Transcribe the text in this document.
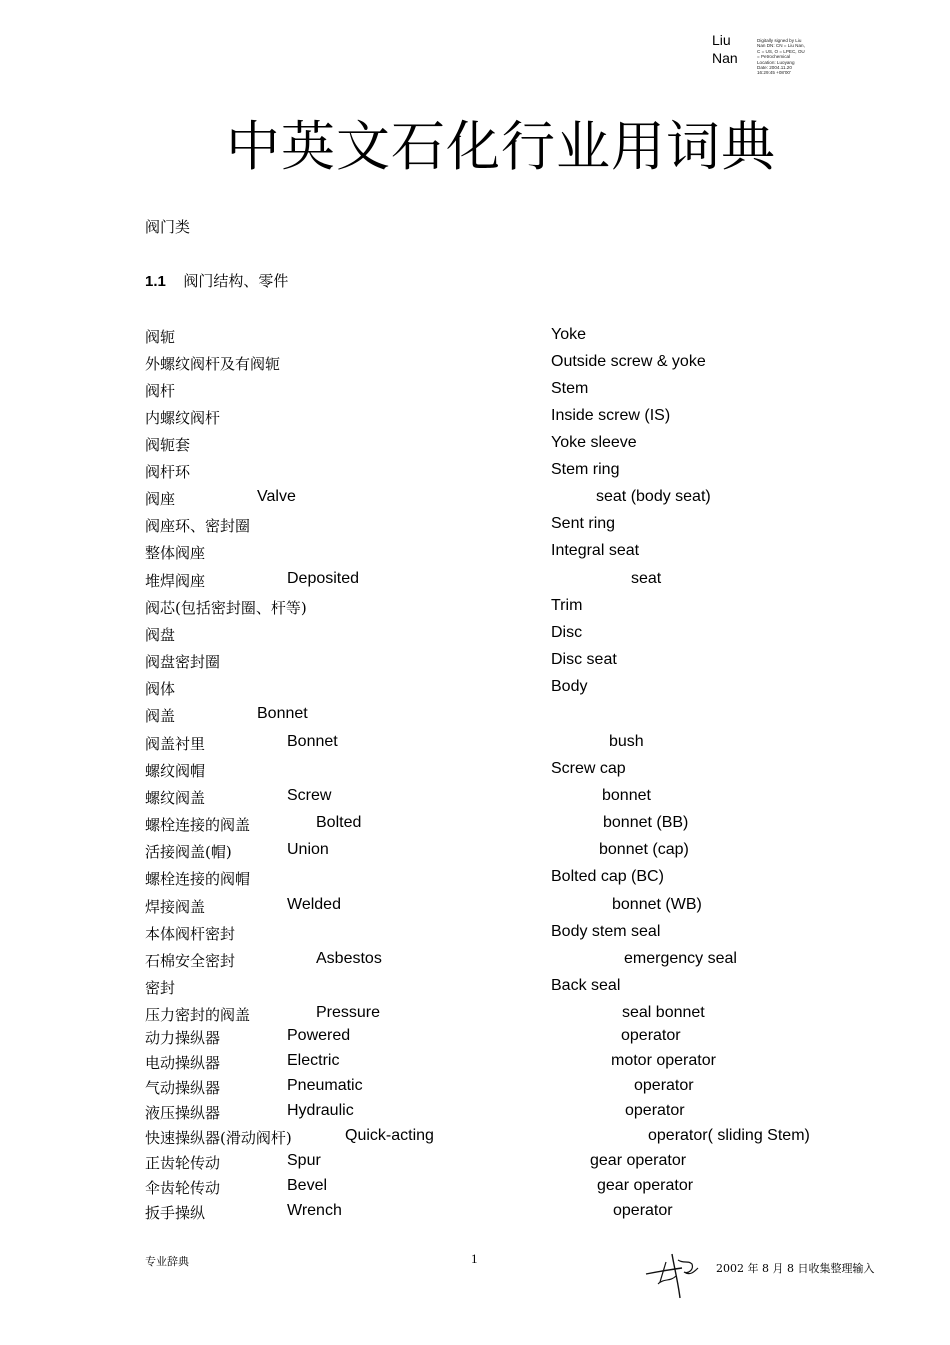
Liu
Nan
Digitally signed by Liu Nan DN: CN = Liu Nan, C = US, O = LPEC, OU = Petrochemical Location: Luoyang Date: 2004.11.20 16:29:45 +08'00'
中英文石化行业用词典
阀门类
1.1 阀门结构、零件
阀轭	Yoke
外螺纹阀杆及有阀轭	Outside screw & yoke
阀杆	Stem
内螺纹阀杆	Inside screw (IS)
阀轭套	Yoke sleeve
阀杆环	Stem ring
阀座	Valve	seat (body seat)
阀座环、密封圈	Sent ring
整体阀座	Integral seat
堆焊阀座	Deposited	seat
阀芯(包括密封圈、杆等)	Trim
阀盘	Disc
阀盘密封圈	Disc seat
阀体	Body
阀盖	Bonnet
阀盖衬里	Bonnet	bush
螺纹阀帽	Screw cap
螺纹阀盖	Screw	bonnet
螺栓连接的阀盖	Bolted	bonnet (BB)
活接阀盖(帽)	Union	bonnet (cap)
螺栓连接的阀帽	Bolted cap (BC)
焊接阀盖	Welded	bonnet (WB)
本体阀杆密封	Body stem seal
石棉安全密封	Asbestos	emergency seal
密封	Back seal
压力密封的阀盖	Pressure	seal bonnet
动力操纵器	Powered	operator
电动操纵器	Electric	motor operator
气动操纵器	Pneumatic	operator
液压操纵器	Hydraulic	operator
快速操纵器(滑动阀杆)	Quick-acting	operator( sliding Stem)
正齿轮传动	Spur	gear operator
伞齿轮传动	Bevel	gear operator
扳手操纵	Wrench	operator
专业辞典	1
2002 年 8 月 8 日收集整理输入
